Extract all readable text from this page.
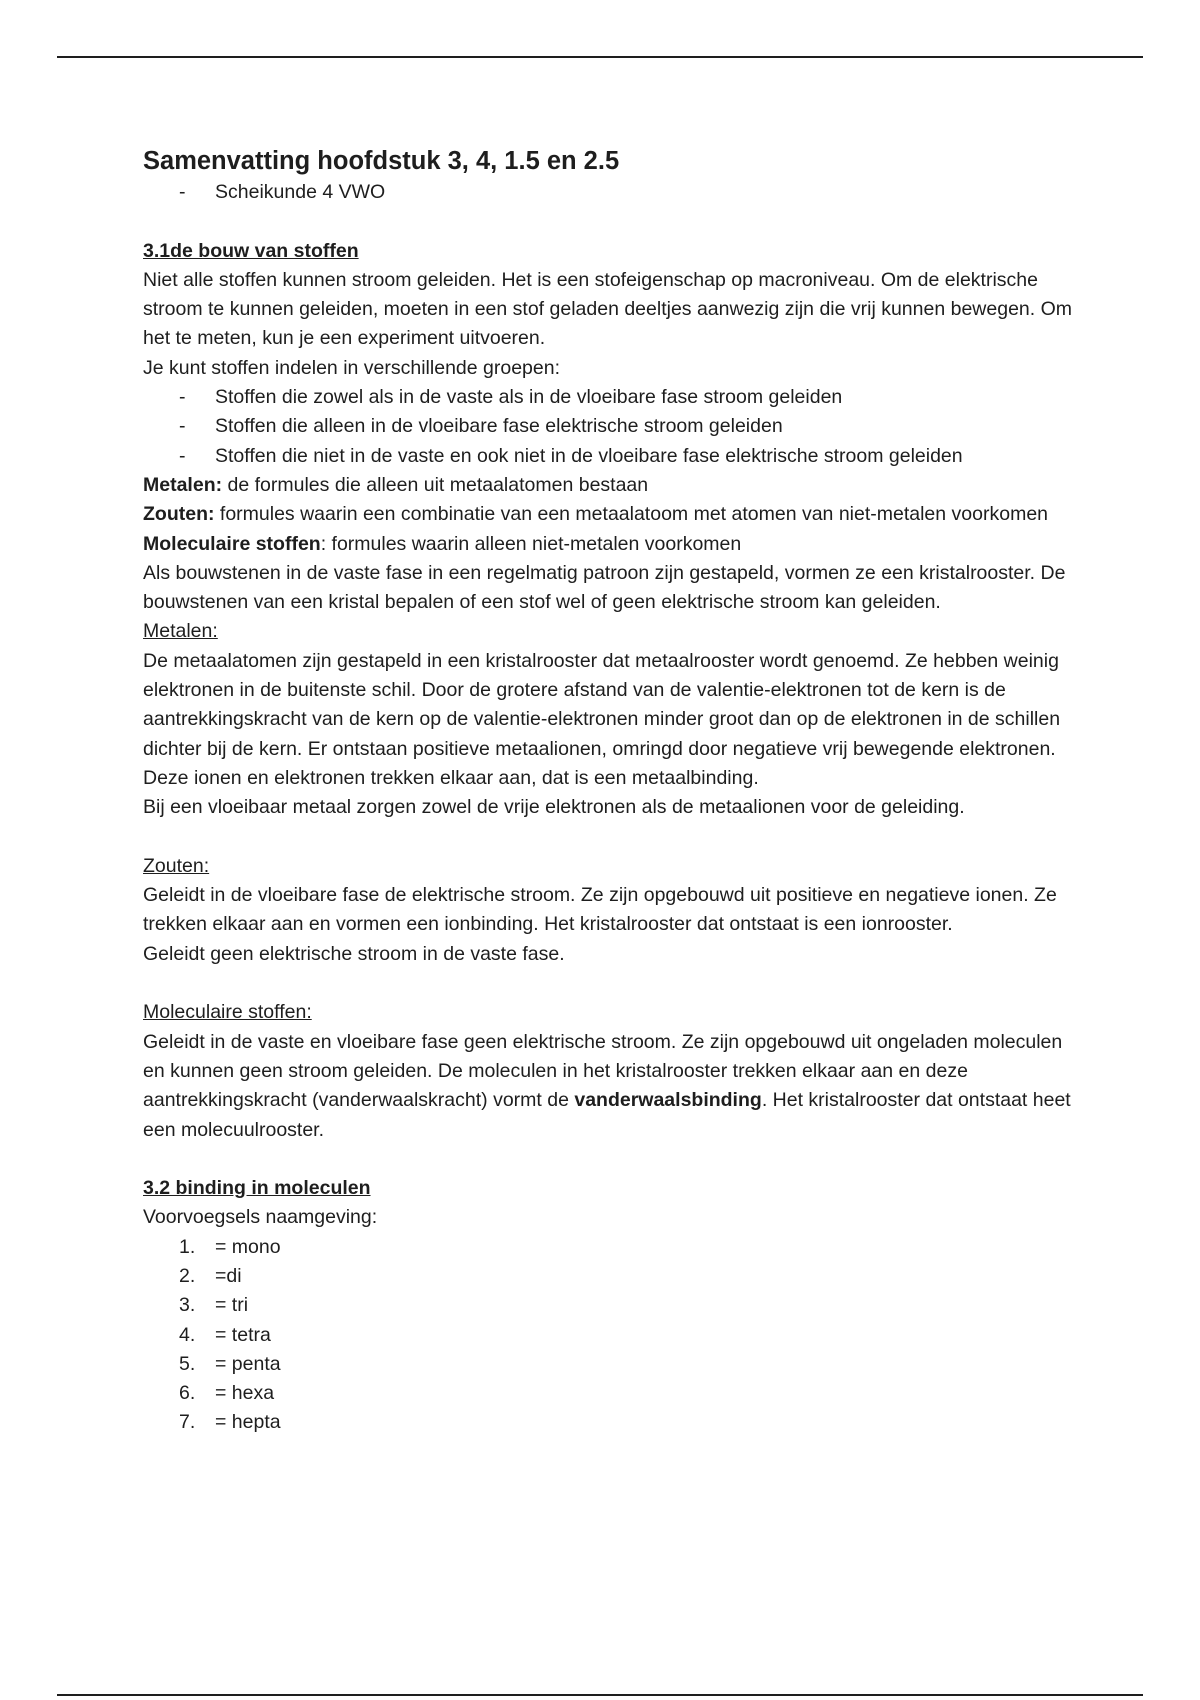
Samenvatting hoofdstuk 3, 4, 1.5 en 2.5
- Scheikunde 4 VWO

3.1de bouw van stoffen

Niet alle stoffen kunnen stroom geleiden. Het is een stofeigenschap op macroniveau. Om de elektrische stroom te kunnen geleiden, moeten in een stof geladen deeltjes aanwezig zijn die vrij kunnen bewegen. Om het te meten, kun je een experiment uitvoeren.

Je kunt stoffen indelen in verschillende groepen:

- Stoffen die zowel als in de vaste als in de vloeibare fase stroom geleiden
- Stoffen die alleen in de vloeibare fase elektrische stroom geleiden
- Stoffen die niet in de vaste en ook niet in de vloeibare fase elektrische stroom geleiden

Metalen: de formules die alleen uit metaalatomen bestaan

Zouten: formules waarin een combinatie van een metaalatoom met atomen van niet-metalen voorkomen

Moleculaire stoffen: formules waarin alleen niet-metalen voorkomen

Als bouwstenen in de vaste fase in een regelmatig patroon zijn gestapeld, vormen ze een kristalrooster. De bouwstenen van een kristal bepalen of een stof wel of geen elektrische stroom kan geleiden.

Metalen:

De metaalatomen zijn gestapeld in een kristalrooster dat metaalrooster wordt genoemd. Ze hebben weinig elektronen in de buitenste schil. Door de grotere afstand van de valentie-elektronen tot de kern is de aantrekkingskracht van de kern op de valentie-elektronen minder groot dan op de elektronen in de schillen dichter bij de kern. Er ontstaan positieve metaalionen, omringd door negatieve vrij bewegende elektronen. Deze ionen en elektronen trekken elkaar aan, dat is een metaalbinding.

Bij een vloeibaar metaal zorgen zowel de vrije elektronen als de metaalionen voor de geleiding.

Zouten:

Geleidt in de vloeibare fase de elektrische stroom. Ze zijn opgebouwd uit positieve en negatieve ionen. Ze trekken elkaar aan en vormen een ionbinding. Het kristalrooster dat ontstaat is een ionrooster.

Geleidt geen elektrische stroom in de vaste fase.

Moleculaire stoffen:

Geleidt in de vaste en vloeibare fase geen elektrische stroom. Ze zijn opgebouwd uit ongeladen moleculen en kunnen geen stroom geleiden. De moleculen in het kristalrooster trekken elkaar aan en deze aantrekkingskracht (vanderwaalskracht) vormt de vanderwaalsbinding. Het kristalrooster dat ontstaat heet een molecuulrooster.

3.2 binding in moleculen

Voorvoegsels naamgeving:

1. = mono
2. =di
3. = tri
4. = tetra
5. = penta
6. = hexa
7. = hepta
